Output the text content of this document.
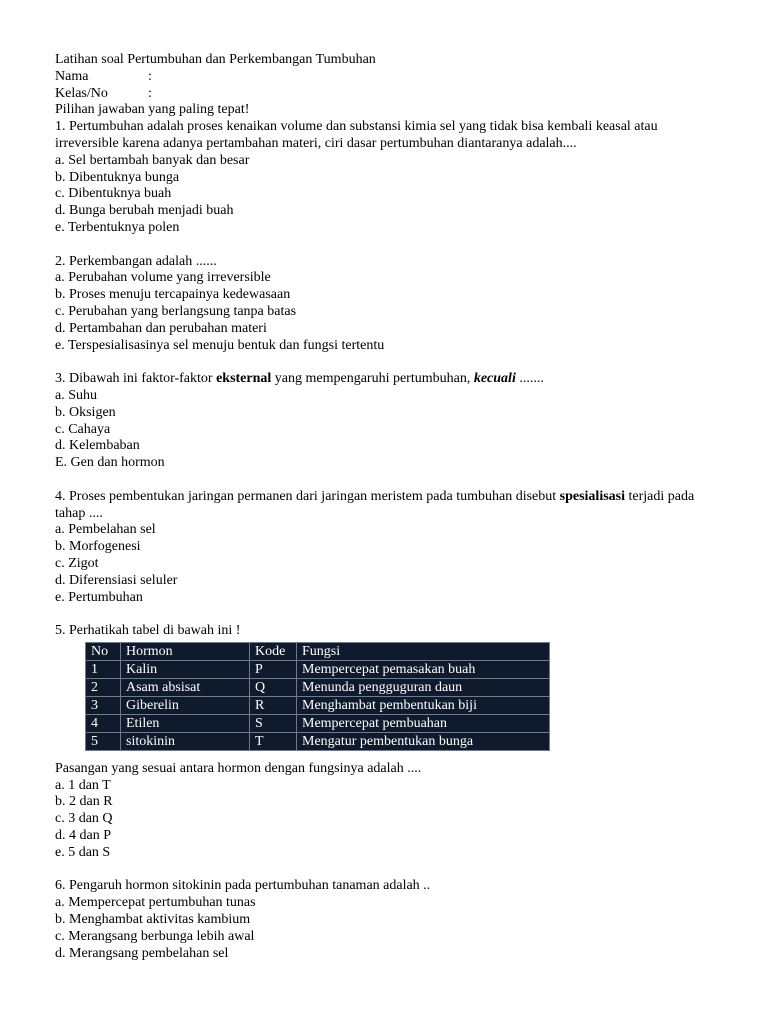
Latihan soal Pertumbuhan dan Perkembangan Tumbuhan
Nama	:
Kelas/No	:
Pilihan jawaban yang paling tepat!
1. Pertumbuhan adalah proses kenaikan volume dan substansi kimia sel yang tidak bisa kembali keasal atau irreversible karena adanya pertambahan materi, ciri dasar pertumbuhan diantaranya adalah....
a. Sel bertambah banyak dan besar
b. Dibentuknya bunga
c. Dibentuknya buah
d. Bunga berubah menjadi buah
e. Terbentuknya polen
2. Perkembangan adalah ......
a. Perubahan volume yang irreversible
b. Proses menuju tercapainya kedewasaan
c. Perubahan yang berlangsung tanpa batas
d. Pertambahan dan perubahan materi
e. Terspesialisasinya sel menuju bentuk dan fungsi tertentu
3. Dibawah ini faktor-faktor eksternal yang mempengaruhi pertumbuhan, kecuali .......
a. Suhu
b. Oksigen
c. Cahaya
d. Kelembaban
E. Gen dan hormon
4. Proses pembentukan jaringan permanen dari jaringan meristem pada tumbuhan disebut spesialisasi terjadi pada tahap ....
a. Pembelahan sel
b. Morfogenesi
c. Zigot
d. Diferensiasi seluler
e. Pertumbuhan
5. Perhatikah tabel di bawah ini !
No	Hormon	Kode	Fungsi
1	Kalin	P	Mempercepat pemasakan buah
2	Asam absisat	Q	Menunda pengguguran daun
3	Giberelin	R	Menghambat pembentukan biji
4	Etilen	S	Mempercepat pembuahan
5	sitokinin	T	Mengatur pembentukan bunga
Pasangan yang sesuai antara hormon dengan fungsinya adalah ....
a. 1 dan T
b. 2 dan R
c. 3 dan Q
d. 4 dan P
e. 5 dan S
6. Pengaruh hormon sitokinin pada pertumbuhan tanaman adalah ..
a. Mempercepat pertumbuhan tunas
b. Menghambat aktivitas kambium
c. Merangsang berbunga lebih awal
d. Merangsang pembelahan sel
